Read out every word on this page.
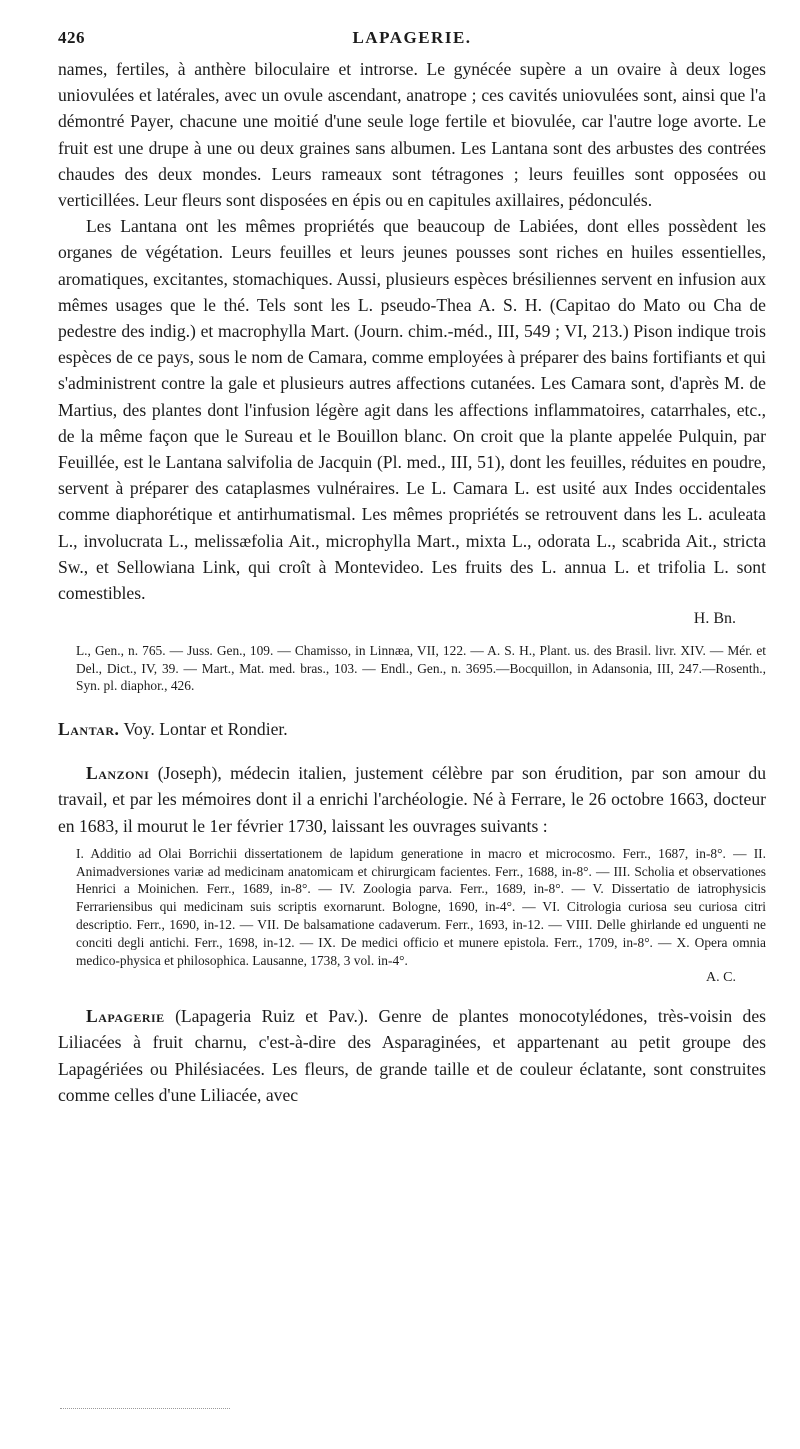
426	LAPAGERIE.

names, fertiles, à anthère biloculaire et introrse. Le gynécée supère a un ovaire à deux loges uniovulées et latérales, avec un ovule ascendant, anatrope ; ces cavités uniovulées sont, ainsi que l'a démontré Payer, chacune une moitié d'une seule loge fertile et biovulée, car l'autre loge avorte. Le fruit est une drupe à une ou deux graines sans albumen. Les Lantana sont des arbustes des contrées chaudes des deux mondes. Leurs rameaux sont tétragones ; leurs feuilles sont opposées ou verticillées. Leur fleurs sont disposées en épis ou en capitules axillaires, pédonculés.

Les Lantana ont les mêmes propriétés que beaucoup de Labiées, dont elles possèdent les organes de végétation. Leurs feuilles et leurs jeunes pousses sont riches en huiles essentielles, aromatiques, excitantes, stomachiques. Aussi, plusieurs espèces brésiliennes servent en infusion aux mêmes usages que le thé. Tels sont les L. pseudo-Thea A. S. H. (Capitao do Mato ou Cha de pedestre des indig.) et macrophylla Mart. (Journ. chim.-méd., III, 549 ; VI, 213.) Pison indique trois espèces de ce pays, sous le nom de Camara, comme employées à préparer des bains fortifiants et qui s'administrent contre la gale et plusieurs autres affections cutanées. Les Camara sont, d'après M. de Martius, des plantes dont l'infusion légère agit dans les affections inflammatoires, catarrhales, etc., de la même façon que le Sureau et le Bouillon blanc. On croit que la plante appelée Pulquin, par Feuillée, est le Lantana salvifolia de Jacquin (Pl. med., III, 51), dont les feuilles, réduites en poudre, servent à préparer des cataplasmes vulnéraires. Le L. Camara L. est usité aux Indes occidentales comme diaphorétique et antirhumatismal. Les mêmes propriétés se retrouvent dans les L. aculeata L., involucrata L., melissæfolia Ait., microphylla Mart., mixta L., odorata L., scabrida Ait., stricta Sw., et Sellowiana Link, qui croît à Montevideo. Les fruits des L. annua L. et trifolia L. sont comestibles.

H. Bn.

L., Gen., n. 765. — Juss. Gen., 109. — Chamisso, in Linnæa, VII, 122. — A. S. H., Plant. us. des Brasil. livr. XIV. — Mér. et Del., Dict., IV, 39. — Mart., Mat. med. bras., 103. — Endl., Gen., n. 3695.—Bocquillon, in Adansonia, III, 247.—Rosenth., Syn. pl. diaphor., 426.

Lantar. Voy. Lontar et Rondier.

Lanzoni (Joseph), médecin italien, justement célèbre par son érudition, par son amour du travail, et par les mémoires dont il a enrichi l'archéologie. Né à Ferrare, le 26 octobre 1663, docteur en 1683, il mourut le 1er février 1730, laissant les ouvrages suivants :

I. Additio ad Olai Borrichii dissertationem de lapidum generatione in macro et microcosmo. Ferr., 1687, in-8°. — II. Animadversiones variæ ad medicinam anatomicam et chirurgicam facientes. Ferr., 1688, in-8°. — III. Scholia et observationes Henrici a Moinichen. Ferr., 1689, in-8°. — IV. Zoologia parva. Ferr., 1689, in-8°. — V. Dissertatio de iatrophysicis Ferrariensibus qui medicinam suis scriptis exornarunt. Bologne, 1690, in-4°. — VI. Citrologia curiosa seu curiosa citri descriptio. Ferr., 1690, in-12. — VII. De balsamatione cadaverum. Ferr., 1693, in-12. — VIII. Delle ghirlande ed unguenti ne conciti degli antichi. Ferr., 1698, in-12. — IX. De medici officio et munere epistola. Ferr., 1709, in-8°. — X. Opera omnia medico-physica et philosophica. Lausanne, 1738, 3 vol. in-4°.

A. C.

Lapagerie (Lapageria Ruiz et Pav.). Genre de plantes monocotylédones, très-voisin des Liliacées à fruit charnu, c'est-à-dire des Asparaginées, et appartenant au petit groupe des Lapagériées ou Philésiacées. Les fleurs, de grande taille et de couleur éclatante, sont construites comme celles d'une Liliacée, avec
